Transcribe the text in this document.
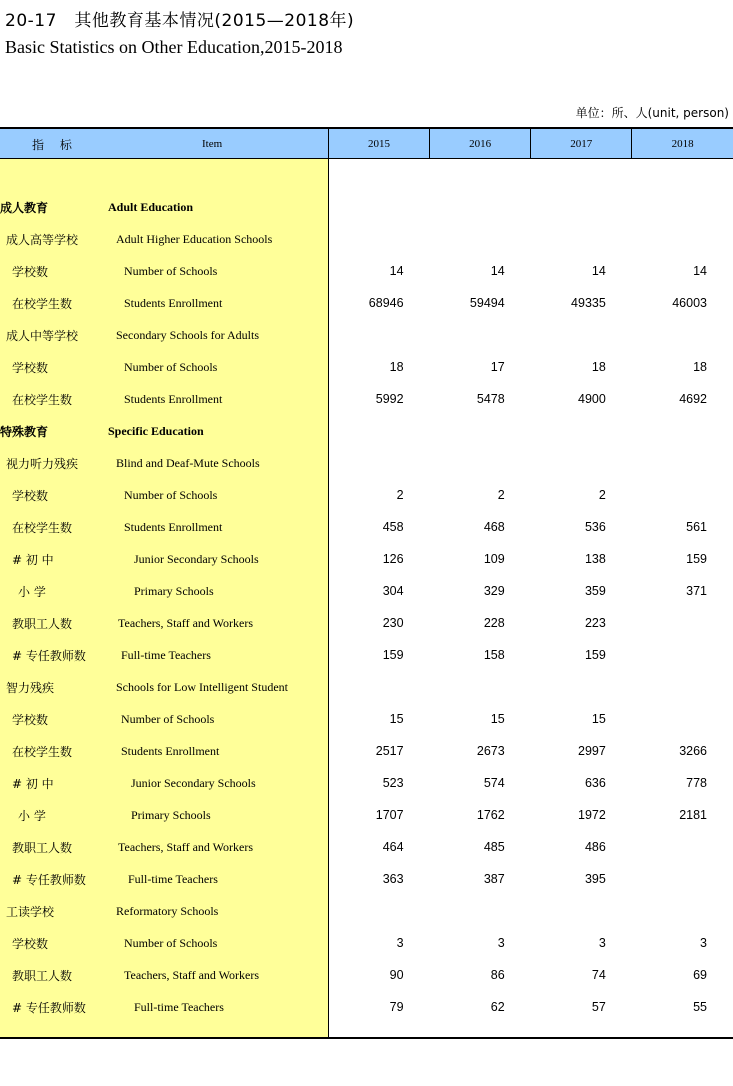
20-17　其他教育基本情况(2015—2018年)
Basic Statistics on Other Education,2015-2018
单位：所、人(unit, person)
指 标 Item	2015	2016	2017	2018

成人教育 Adult Education				

成人高等学校 Adult Higher Education Schools				

学校数 Number of Schools	14	14	14	14

在校学生数 Students Enrollment	68946	59494	49335	46003

成人中等学校 Secondary Schools for Adults				

学校数 Number of Schools	18	17	18	18

在校学生数 Students Enrollment	5992	5478	4900	4692

特殊教育 Specific Education				

视力听力残疾 Blind and Deaf-Mute Schools				

学校数 Number of Schools	2	2	2	

在校学生数 Students Enrollment	458	468	536	561

# 初 中 Junior Secondary Schools	126	109	138	159

小 学 Primary Schools	304	329	359	371

教职工人数 Teachers, Staff and Workers	230	228	223	

# 专任教师数 Full-time Teachers	159	158	159	

智力残疾 Schools for Low Intelligent Student				

学校数 Number of Schools	15	15	15	

在校学生数 Students Enrollment	2517	2673	2997	3266

# 初 中 Junior Secondary Schools	523	574	636	778

小 学 Primary Schools	1707	1762	1972	2181

教职工人数 Teachers, Staff and Workers	464	485	486	

# 专任教师数 Full-time Teachers	363	387	395	

工读学校 Reformatory Schools				

学校数 Number of Schools	3	3	3	3

教职工人数 Teachers, Staff and Workers	90	86	74	69

# 专任教师数 Full-time Teachers	79	62	57	55
